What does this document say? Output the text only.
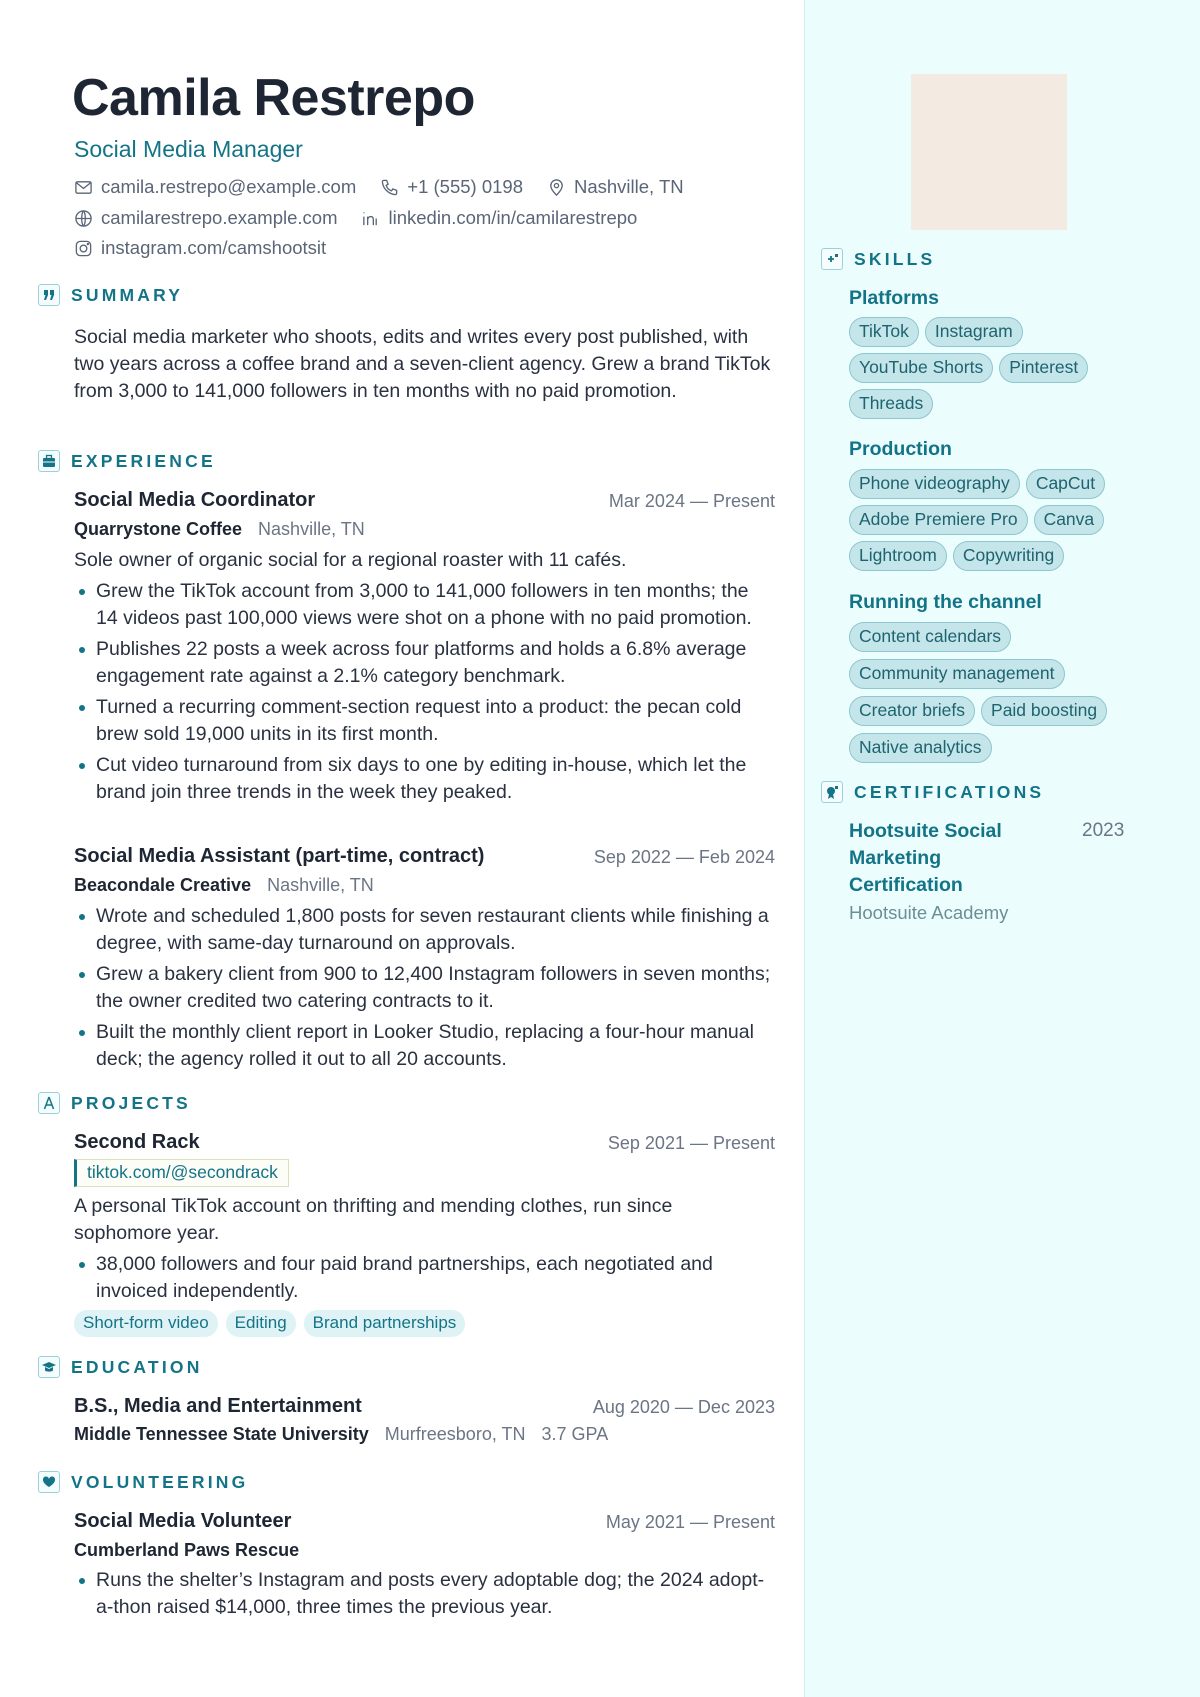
Camila Restrepo
Social Media Manager
camila.restrepo@example.com	+1 (555) 0198	Nashville, TN
camilarestrepo.example.com	linkedin.com/in/camilarestrepo
instagram.com/camshootsit
SUMMARY

Social media marketer who shoots, edits and writes every post published, with two years across a coffee brand and a seven-client agency. Grew a brand TikTok from 3,000 to 141,000 followers in ten months with no paid promotion.

EXPERIENCE
Social Media Coordinator	Mar 2024 — Present
Quarrystone Coffee Nashville, TN

Sole owner of organic social for a regional roaster with 11 cafés.

Grew the TikTok account from 3,000 to 141,000 followers in ten months; the 14 videos past 100,000 views were shot on a phone with no paid promotion.
Publishes 22 posts a week across four platforms and holds a 6.8% average engagement rate against a 2.1% category benchmark.
Turned a recurring comment-section request into a product: the pecan cold brew sold 19,000 units in its first month.
Cut video turnaround from six days to one by editing in-house, which let the brand join three trends in the week they peaked.
Social Media Assistant (part-time, contract)	Sep 2022 — Feb 2024
Beacondale Creative Nashville, TN
Wrote and scheduled 1,800 posts for seven restaurant clients while finishing a degree, with same-day turnaround on approvals.
Grew a bakery client from 900 to 12,400 Instagram followers in seven months; the owner credited two catering contracts to it.
Built the monthly client report in Looker Studio, replacing a four-hour manual deck; the agency rolled it out to all 20 accounts.
PROJECTS
Second Rack	Sep 2021 — Present
tiktok.com/@secondrack

A personal TikTok account on thrifting and mending clothes, run since sophomore year.

38,000 followers and four paid brand partnerships, each negotiated and invoiced independently.
Short-form video	Editing	Brand partnerships
EDUCATION
B.S., Media and Entertainment	Aug 2020 — Dec 2023
Middle Tennessee State University Murfreesboro, TN 3.7 GPA
VOLUNTEERING
Social Media Volunteer	May 2021 — Present
Cumberland Paws Rescue
Runs the shelter’s Instagram and posts every adoptable dog; the 2024 adopt-a-thon raised $14,000, three times the previous year.
SKILLS
Platforms
TikTok	Instagram
YouTube Shorts	Pinterest
Threads
Production
Phone videography	CapCut
Adobe Premiere Pro	Canva
Lightroom	Copywriting
Running the channel
Content calendars
Community management
Creator briefs	Paid boosting
Native analytics
CERTIFICATIONS
Hootsuite Social Marketing Certification
2023
Hootsuite Academy
